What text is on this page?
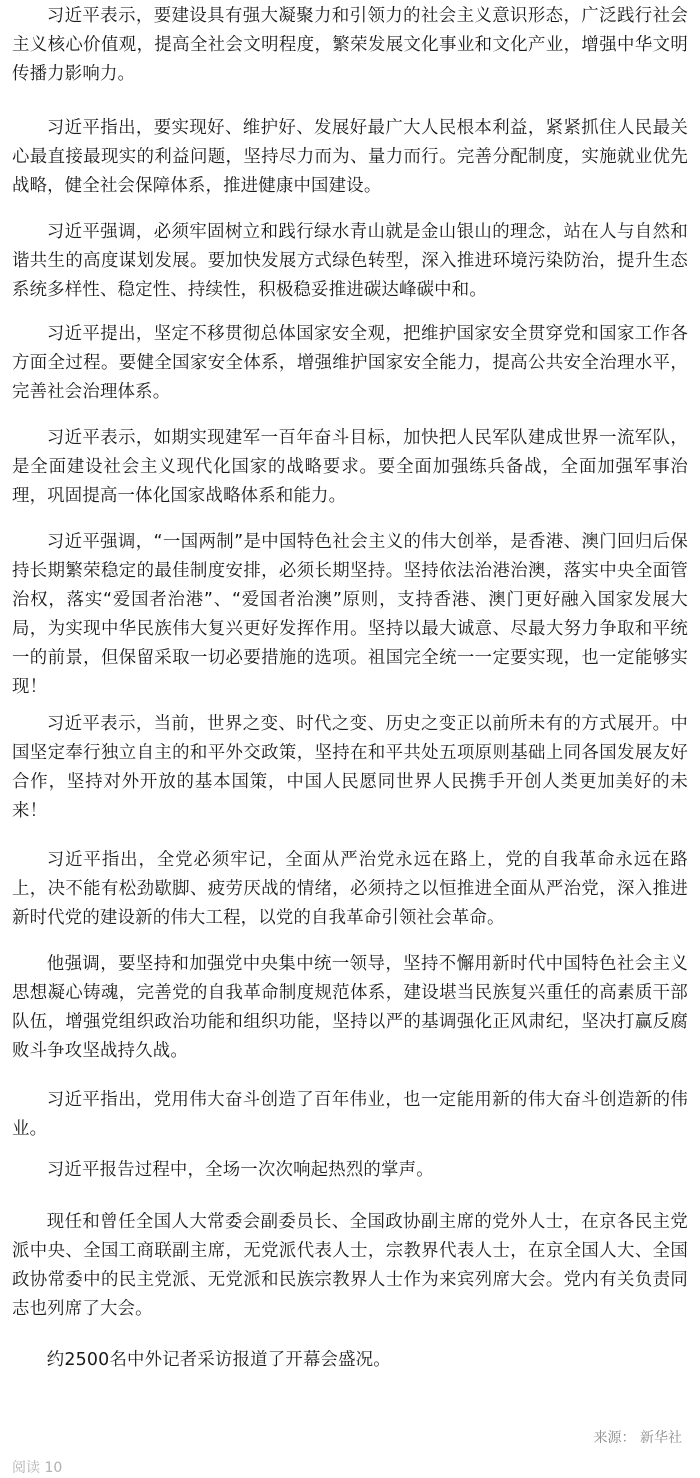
习近平表示，要建设具有强大凝聚力和引领力的社会主义意识形态，广泛践行社会主义核心价值观，提高全社会文明程度，繁荣发展文化事业和文化产业，增强中华文明传播力影响力。

习近平指出，要实现好、维护好、发展好最广大人民根本利益，紧紧抓住人民最关心最直接最现实的利益问题，坚持尽力而为、量力而行。完善分配制度，实施就业优先战略，健全社会保障体系，推进健康中国建设。

习近平强调，必须牢固树立和践行绿水青山就是金山银山的理念，站在人与自然和谐共生的高度谋划发展。要加快发展方式绿色转型，深入推进环境污染防治，提升生态系统多样性、稳定性、持续性，积极稳妥推进碳达峰碳中和。

习近平提出，坚定不移贯彻总体国家安全观，把维护国家安全贯穿党和国家工作各方面全过程。要健全国家安全体系，增强维护国家安全能力，提高公共安全治理水平，完善社会治理体系。

习近平表示，如期实现建军一百年奋斗目标，加快把人民军队建成世界一流军队，是全面建设社会主义现代化国家的战略要求。要全面加强练兵备战，全面加强军事治理，巩固提高一体化国家战略体系和能力。

习近平强调，“一国两制”是中国特色社会主义的伟大创举，是香港、澳门回归后保持长期繁荣稳定的最佳制度安排，必须长期坚持。坚持依法治港治澳，落实中央全面管治权，落实“爱国者治港”、“爱国者治澳”原则，支持香港、澳门更好融入国家发展大局，为实现中华民族伟大复兴更好发挥作用。坚持以最大诚意、尽最大努力争取和平统一的前景，但保留采取一切必要措施的选项。祖国完全统一一定要实现，也一定能够实现！

习近平表示，当前，世界之变、时代之变、历史之变正以前所未有的方式展开。中国坚定奉行独立自主的和平外交政策，坚持在和平共处五项原则基础上同各国发展友好合作，坚持对外开放的基本国策，中国人民愿同世界人民携手开创人类更加美好的未来！

习近平指出，全党必须牢记，全面从严治党永远在路上，党的自我革命永远在路上，决不能有松劲歇脚、疲劳厌战的情绪，必须持之以恒推进全面从严治党，深入推进新时代党的建设新的伟大工程，以党的自我革命引领社会革命。

他强调，要坚持和加强党中央集中统一领导，坚持不懈用新时代中国特色社会主义思想凝心铸魂，完善党的自我革命制度规范体系，建设堪当民族复兴重任的高素质干部队伍，增强党组织政治功能和组织功能，坚持以严的基调强化正风肃纪，坚决打赢反腐败斗争攻坚战持久战。

习近平指出，党用伟大奋斗创造了百年伟业，也一定能用新的伟大奋斗创造新的伟业。

习近平报告过程中，全场一次次响起热烈的掌声。

现任和曾任全国人大常委会副委员长、全国政协副主席的党外人士，在京各民主党派中央、全国工商联副主席，无党派代表人士，宗教界代表人士，在京全国人大、全国政协常委中的民主党派、无党派和民族宗教界人士作为来宾列席大会。党内有关负责同志也列席了大会。

约2500名中外记者采访报道了开幕会盛况。

来源： 新华社
阅读 10
